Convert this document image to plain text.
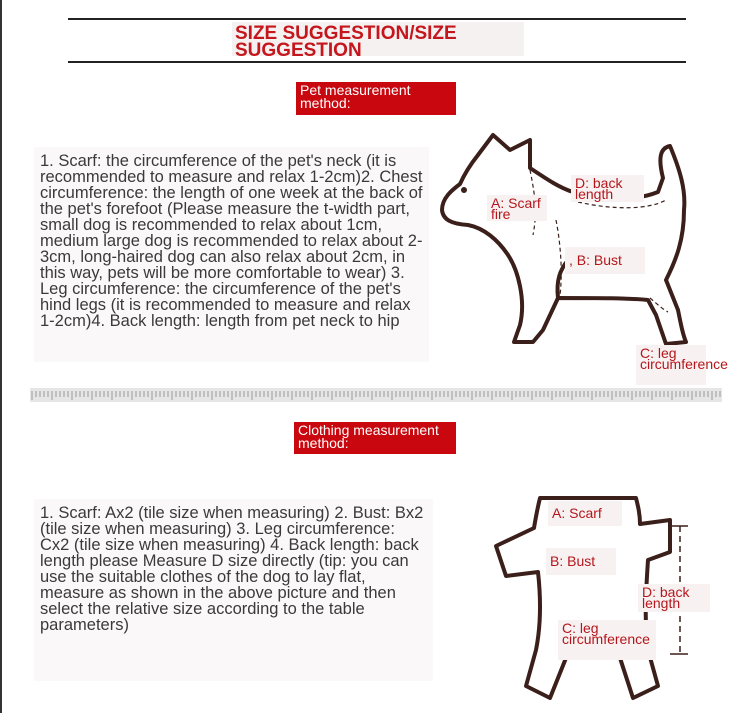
SIZE SUGGESTION/SIZE SUGGESTION
Pet measurement method:
1. Scarf: the circumference of the pet's neck (it is recommended to measure and relax 1-2cm)2. Chest circumference: the length of one week at the back of the pet's forefoot (Please measure the t-width part, small dog is recommended to relax about 1cm, medium large dog is recommended to relax about 2-3cm, long-haired dog can also relax about 2cm, in this way, pets will be more comfortable to wear) 3. Leg circumference: the circumference of the pet's hind legs (it is recommended to measure and relax 1-2cm)4. Back length: length from pet neck to hip
A: Scarf fire
D: back length
, B: Bust
C: leg circumference
Clothing measurement method:
1. Scarf: Ax2 (tile size when measuring) 2. Bust: Bx2 (tile size when measuring) 3. Leg circumference: Cx2 (tile size when measuring) 4. Back length: back length please Measure D size directly (tip: you can use the suitable clothes of the dog to lay flat, measure as shown in the above picture and then select the relative size according to the table parameters)
A: Scarf
B: Bust
D: back length
C: leg circumference
